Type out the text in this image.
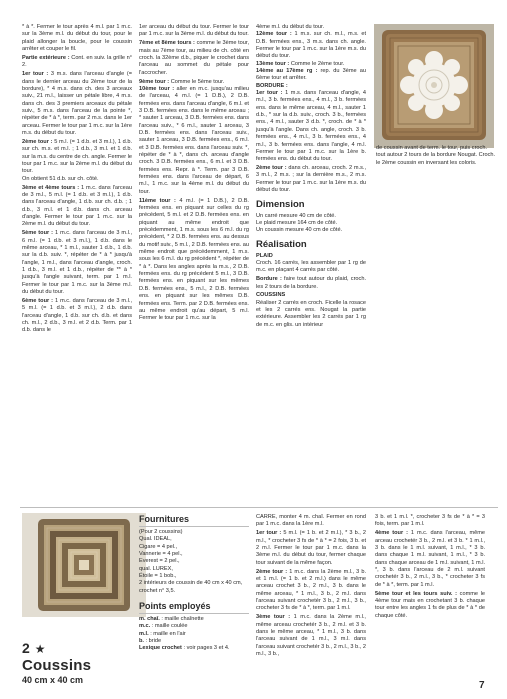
* à *. Fermer le tour après 4 m.l. par 1 m.c. sur la 3ème m.l. du début du tour, pour le plaid allonger la boucle, pour le coussin arrêter et couper le fil.

Partie extérieure : Cont. en suiv. la grille n° 2.

1er tour : 3 m.s. dans l'arceau d'angle (= dans le dernier arceau du 2ème tour de la bordure), * 4 m.s. dans ch. des 3 arceaux suiv., 21 m.l., laisser un pétale libre, 4 m.s. dans ch. des 3 premiers arceaux du pétale suiv., 5 m.s. dans l'arceau de la pointe *, répéter de * à *, term. par 2 m.s. dans le 1er arceau. Fermer le tour par 1 m.c. sur la 1ère m.s. du début du tour.

2ème tour : 5 m.l. (= 1 d.b. et 3 m.l.), 1 d.b. sur ch. m.s. et m.l. ; 1 d.b., 3 m.l. et 1 d.b. sur la m.s. du centre de ch. angle. Fermer le tour par 1 m.c. sur la 2ème m.l. du début du tour.

On obtient 51 d.b. sur ch. côté.

3ème et 4ème tours : 1 m.c. dans l'arceau de 3 m.l., 5 m.l. (= 1 d.b. et 3 m.l.), 1 d.b. dans l'arceau d'angle, 1 d.b. sur ch. d.b. ; 1 d.b., 3 m.l. et 1 d.b. dans ch. arceau d'angle. Fermer le tour par 1 m.c. sur la 2ème m.l. du début du tour.

5ème tour : 1 m.c. dans l'arceau de 3 m.l., 6 m.l. (= 1 d.b. et 3 m.l.), 1 d.b. dans le même arceau, * 1 m.l., sauter 1 d.b., 1 d.b. sur la d.b. suiv. *, répéter de * à * jusqu'à l'angle, 1 m.l., dans l'arceau d'angle, croch. 1 d.b., 3 m.l. et 1 d.b., répéter de ** à * jusqu'à l'angle suivant, term. par 1 m.l. Fermer le tour par 1 m.c. sur la 3ème m.l. du début du tour.

6ème tour : 1 m.c. dans l'arceau de 3 m.l., 5 m.l. (= 1 d.b. et 3 m.l.), 2 d.b. dans l'arceau d'angle, 1 d.b. sur ch. d.b. et dans ch. m.l., 2 d.b., 3 m.l. et 2 d.b. Term. par 1 d.b. dans le

1er arceau du début du tour. Fermer le tour par 1 m.c. sur la 3ème m.l. du début du tour.

7ème et 8ème tours : comme le 3ème tour, mais au 7ème tour, au milieu de ch. côté en croch. la 32ème d.b., piquer le crochet dans l'arceau au sommet du pétale pour l'accrocher.

9ème tour : Comme le 5ème tour.

10ème tour : aller en m.c. jusqu'au milieu de l'arceau, 4 m.l. (= 1 D.B.), 2 D.B. fermées ens. dans l'arceau d'angle, 6 m.l. et 3 D.B. fermées ens. dans le même arceau ; * sauter 1 arceau, 3 D.B. fermées ens. dans l'arceau suiv., * 6 m.l., sauter 1 arceau, 3 D.B. fermées ens. dans l'arceau suiv., sauter 1 arceau, 3 D.B. fermées ens., 6 m.l. et 3 D.B. fermées ens. dans l'arceau suiv. *, répéter de * à *, dans ch. arceau d'angle croch. 3 D.B. fermées ens., 6 m.l. et 3 D.B. fermées ens. Repr. à *. Term. par 3 D.B. fermées ens. dans l'arceau de départ, 6 m.l., 1 m.c. sur la 4ème m.l. du début du tour.

11ème tour : 4 m.l. (= 1 D.B.), 2 D.B. fermées ens. en piquant sur celles du rg précédent, 5 m.l. et 2 D.B. fermées ens. en piquant au même endroit que précédemment, 1 m.s. sous les 6 m.l. du rg précédent, * 2 D.B. fermées ens. au dessus du motif suiv., 5 m.l., 2 D.B. fermées ens. au même endroit que précédemment, 1 m.s. sous les 6 m.l. du rg précédent *, répéter de * à *. Dans les angles après la m.s., 2 D.B. fermées ens. du rg précédent 5 m.l., 3 D.B. fermées ens. en piquant sur les mêmes D.B. fermées ens., 5 m.l., 2 D.B. fermées ens. en piquant sur les mêmes D.B. fermées ens. Term. par 2 D.B. fermées ens. au même endroit qu'au départ, 5 m.l. Fermer le tour par 1 m.c. sur la

4ème m.l. du début du tour.

12ème tour : 1 m.s. sur ch. m.l., m.s. et D.B. fermées ens., 3 m.s. dans ch. angle. Fermer le tour par 1 m.c. sur la 1ère m.s. du début du tour.

13ème tour : Comme le 2ème tour.

14ème au 17ème rg : rep. du 3ème au 6ème tour et arrêter.

BORDURE :

1er tour : 1 m.s. dans l'arceau d'angle, 4 m.l., 3 b. fermées ens., 4 m.l., 3 b. fermées ens. dans le même arceau, 4 m.l., sauter 1 d.b., * sur la d.b. suiv., croch. 3 b., fermées ens., 4 m.l., sauter 3 d.b. *, croch. de * à * jusqu'à l'angle. Dans ch. angle, croch. 3 b. fermées ens., 4 m.l., 3 b. fermées ens., 4 m.l., 3 b. fermées ens. dans l'angle, 4 m.l. Fermer le tour par 1 m.c. sur la 1ère b. fermées ens. du début du tour.

2ème tour : dans ch. arceau, croch. 2 m.s., 3 m.l., 2 m.s. ; sur la dernière m.s., 2 m.s. Fermer le tour par 1 m.c. sur la 1ère m.s. du début du tour.

Dimension

Un carré mesure 40 cm de côté.

Le plaid mesure 164 cm de côté.

Un coussin mesure 40 cm de côté.

Réalisation

PLAID

Croch. 16 carrés, les assembler par 1 rg de m.c. en plaçant 4 carrés par côté.

Bordure : faire tout autour du plaid, croch. les 2 tours de la bordure.

COUSSINS

Réaliser 2 carrés en croch. Ficelle la rosace et les 2 carrés ens. Nougat la partie extérieure. Assembler les 2 carrés par 1 rg de m.c. en glis. un intérieur

de coussin avant de term. le tour, puis croch. tout autour 2 tours de la bordure Nougat. Croch. le 2ème coussin en inversant les coloris.
2 ★
Coussins
40 cm x 40 cm
Fournitures

(Pour 2 coussins)

Qual. IDEAL,

Cigare = 4 pel.,

Vannerie = 4 pel.,

Everest = 2 pel.,

qual. LUREX,

Étoile = 1 bob.,

2 intérieurs de coussin de 40 cm x 40 cm,

crochet n° 3,5.

Points employés

m. chaî. : maille chaînette

m.c. : maille coulée

m.l. : maille en l'air

b. : bride

Lexique crochet : voir pages 3 et 4.

CARRE, monter 4 m. chaî. Fermer en rond par 1 m.c. dans la 1ère m.l.

1er tour : 5 m.l. (= 1 b. et 2 m.l.), * 3 b., 2 m.l., * crocheter 3 fs de * à * = 2 fois, 3 b. et 2 m.l. Fermer le tour par 1 m.c. dans la 3ème m.l. du début du tour, fermer chaque tour suivant de la même façon.

2ème tour : 1 m.c. dans la 2ème m.l., 3 b. et 1 m.l. (= 1 b. et 2 m.l.) dans le même arceau crochet 3 b., 2 m.l., 3 b. dans le même arceau, * 1 m.l., 3 b., 2 m.l. dans l'arceau suivant crochetér 3 b., 2 m.l., 3 b., crocheter 3 fs de * à *, term. par 1 m.l.

3ème tour : 1 m.c. dans la 2ème m.l., même arceau crochetér 3 b., 2 m.l. et 3 b. dans le même arceau, * 1 m.l., 3 b. dans l'arceau suivant de 1 m.l., 3 m.l. dans l'arceau suivant crochetér 3 b., 2 m.l., 3 b., 2 m.l., 3 b.,

3 b. et 1 m.l. *, crocheter 3 fs de * à * = 3 fois, term. par 1 m.l.

4ème tour : 1 m.c. dans l'arceau, même arceau crochetér 3 b., 2 m.l. et 3 b. * 1 m.l., 3 b. dans le 1 m.l. suivant, 1 m.l., * 3 b. dans chaque 1 m.l. suivant, 1 m.l., * 3 b. dans chaque arceau de 1 m.l. suivant, 1 m.l. *, 3 b. dans l'arceau de 2 m.l. suivant crochetér 3 b., 2 m.l., 3 b., * crocheter 3 fs de * à *, term. par 1 m.l.

5ème tour et les tours suiv. : comme le 4ème tour mais en crochetant 3 b. chaque tour entre les angles 1 fs de plus de * à * de chaque côté.

7
